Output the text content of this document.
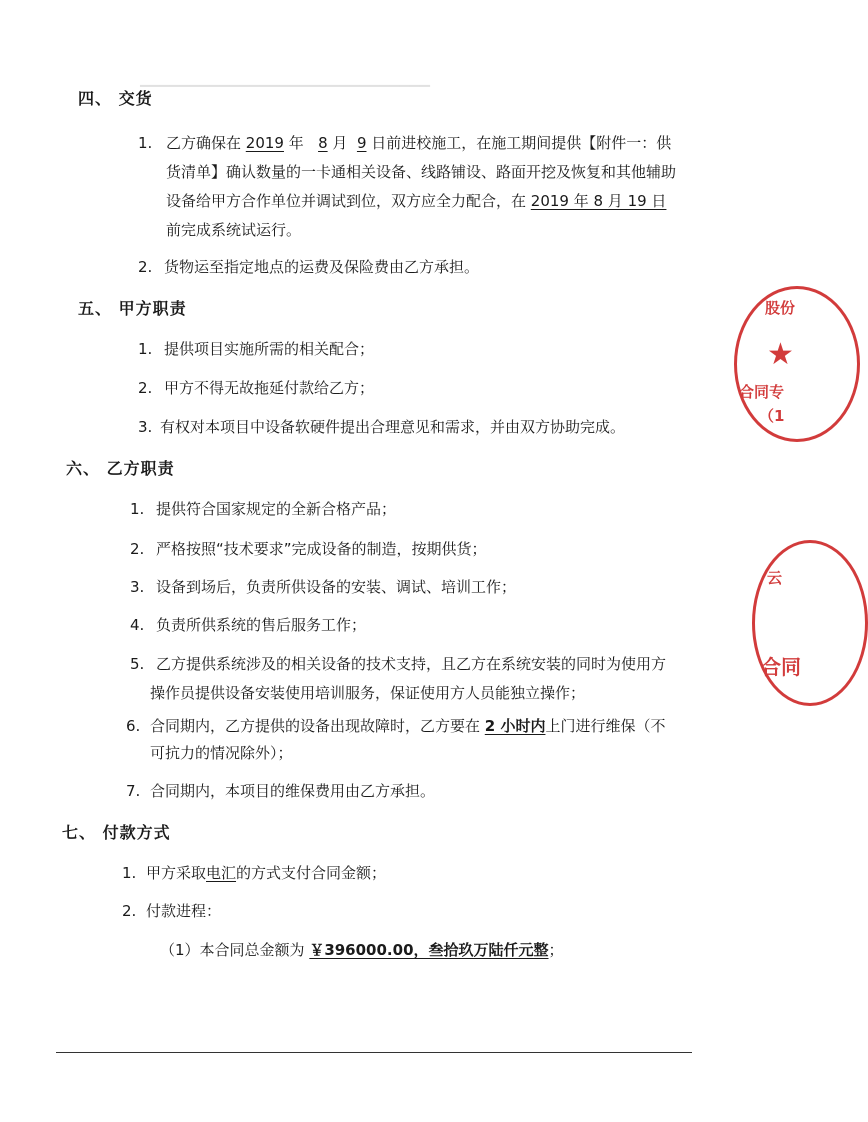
▔▔▔▔▔▔▔▔▔▔▔▔▔▔▔▔▔▔▔▔▔▔▔▔▔▔▔▔▔
股份
★
合同专
（1
云
合同
四、 交货
1. 乙方确保在 2019 年 8 月  9 日前进校施工，在施工期间提供【附件一：供
货清单】确认数量的一卡通相关设备、线路铺设、路面开挖及恢复和其他辅助
设备给甲方合作单位并调试到位，双方应全力配合，在 2019 年 8 月 19 日
前完成系统试运行。
2. 货物运至指定地点的运费及保险费由乙方承担。
五、 甲方职责
1. 提供项目实施所需的相关配合；
2. 甲方不得无故拖延付款给乙方；
3. 有权对本项目中设备软硬件提出合理意见和需求，并由双方协助完成。
六、 乙方职责
1. 提供符合国家规定的全新合格产品；
2. 严格按照“技术要求”完成设备的制造，按期供货；
3. 设备到场后，负责所供设备的安装、调试、培训工作；
4. 负责所供系统的售后服务工作；
5. 乙方提供系统涉及的相关设备的技术支持，且乙方在系统安装的同时为使用方
操作员提供设备安装使用培训服务，保证使用方人员能独立操作；
6. 合同期内，乙方提供的设备出现故障时，乙方要在 2 小时内上门进行维保（不
可抗力的情况除外）；
7. 合同期内，本项目的维保费用由乙方承担。
七、 付款方式
1. 甲方采取电汇的方式支付合同金额；
2. 付款进程：
（1）本合同总金额为 ￥396000.00，叁拾玖万陆仟元整；
